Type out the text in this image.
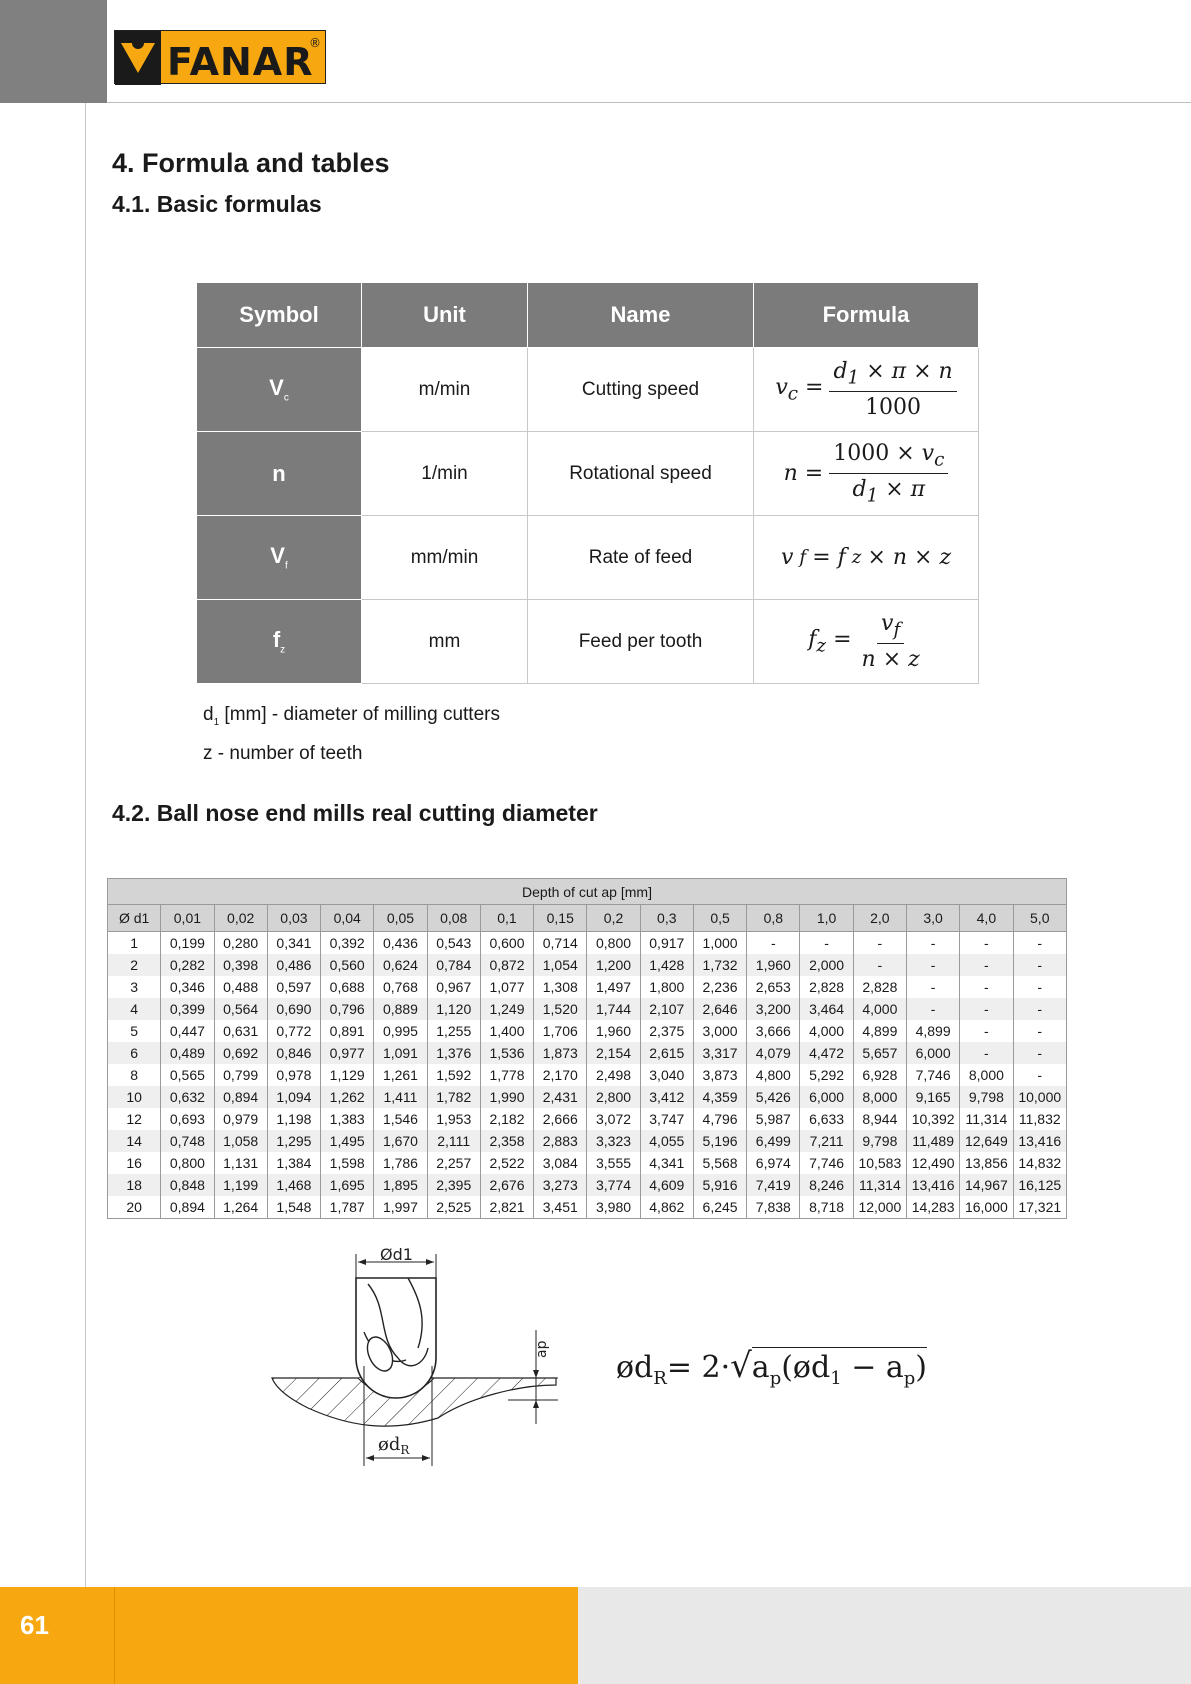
FANAR
®
4. Formula and tables
4.1. Basic formulas
Symbol	Unit	Name	Formula
$V_c$	m/min	Cutting speed	$v_c = \frac{d_1 \times \pi \times n}{1000}$

n	1/min	Rotational speed	$n = \frac{1000 \times v_c}{d_1 \times \pi}$

$V_f$	mm/min	Rate of feed	v f = f z × n × z
$f_z$	mm	Feed per tooth	$f_z = \frac{v_f}{n \times z}$
$d_1$ [mm] - diameter of milling cutters
z - number of teeth
4.2. Ball nose end mills real cutting diameter
Depth of cut ap [mm]																	
Ø d1	0,01	0,02	0,03	0,04	0,05	0,08	0,1	0,15	0,2	0,3	0,5	0,8	1,0	2,0	3,0	4,0	5,0
1	0,199	0,280	0,341	0,392	0,436	0,543	0,600	0,714	0,800	0,917	1,000	-	-	-	-	-	-
2	0,282	0,398	0,486	0,560	0,624	0,784	0,872	1,054	1,200	1,428	1,732	1,960	2,000	-	-	-	-
3	0,346	0,488	0,597	0,688	0,768	0,967	1,077	1,308	1,497	1,800	2,236	2,653	2,828	2,828	-	-	-
4	0,399	0,564	0,690	0,796	0,889	1,120	1,249	1,520	1,744	2,107	2,646	3,200	3,464	4,000	-	-	-
5	0,447	0,631	0,772	0,891	0,995	1,255	1,400	1,706	1,960	2,375	3,000	3,666	4,000	4,899	4,899	-	-
6	0,489	0,692	0,846	0,977	1,091	1,376	1,536	1,873	2,154	2,615	3,317	4,079	4,472	5,657	6,000	-	-
8	0,565	0,799	0,978	1,129	1,261	1,592	1,778	2,170	2,498	3,040	3,873	4,800	5,292	6,928	7,746	8,000	-
10	0,632	0,894	1,094	1,262	1,411	1,782	1,990	2,431	2,800	3,412	4,359	5,426	6,000	8,000	9,165	9,798	10,000
12	0,693	0,979	1,198	1,383	1,546	1,953	2,182	2,666	3,072	3,747	4,796	5,987	6,633	8,944	10,392	11,314	11,832
14	0,748	1,058	1,295	1,495	1,670	2,111	2,358	2,883	3,323	4,055	5,196	6,499	7,211	9,798	11,489	12,649	13,416
16	0,800	1,131	1,384	1,598	1,786	2,257	2,522	3,084	3,555	4,341	5,568	6,974	7,746	10,583	12,490	13,856	14,832
18	0,848	1,199	1,468	1,695	1,895	2,395	2,676	3,273	3,774	4,609	5,916	7,419	8,246	11,314	13,416	14,967	16,125
20	0,894	1,264	1,548	1,787	1,997	2,525	2,821	3,451	3,980	4,862	6,245	7,838	8,718	12,000	14,283	16,000	17,321
Ød1
ap
$ød_R$
$ød_R=$ $2\cdot√a_p(ød_1 - a_p)$
61
